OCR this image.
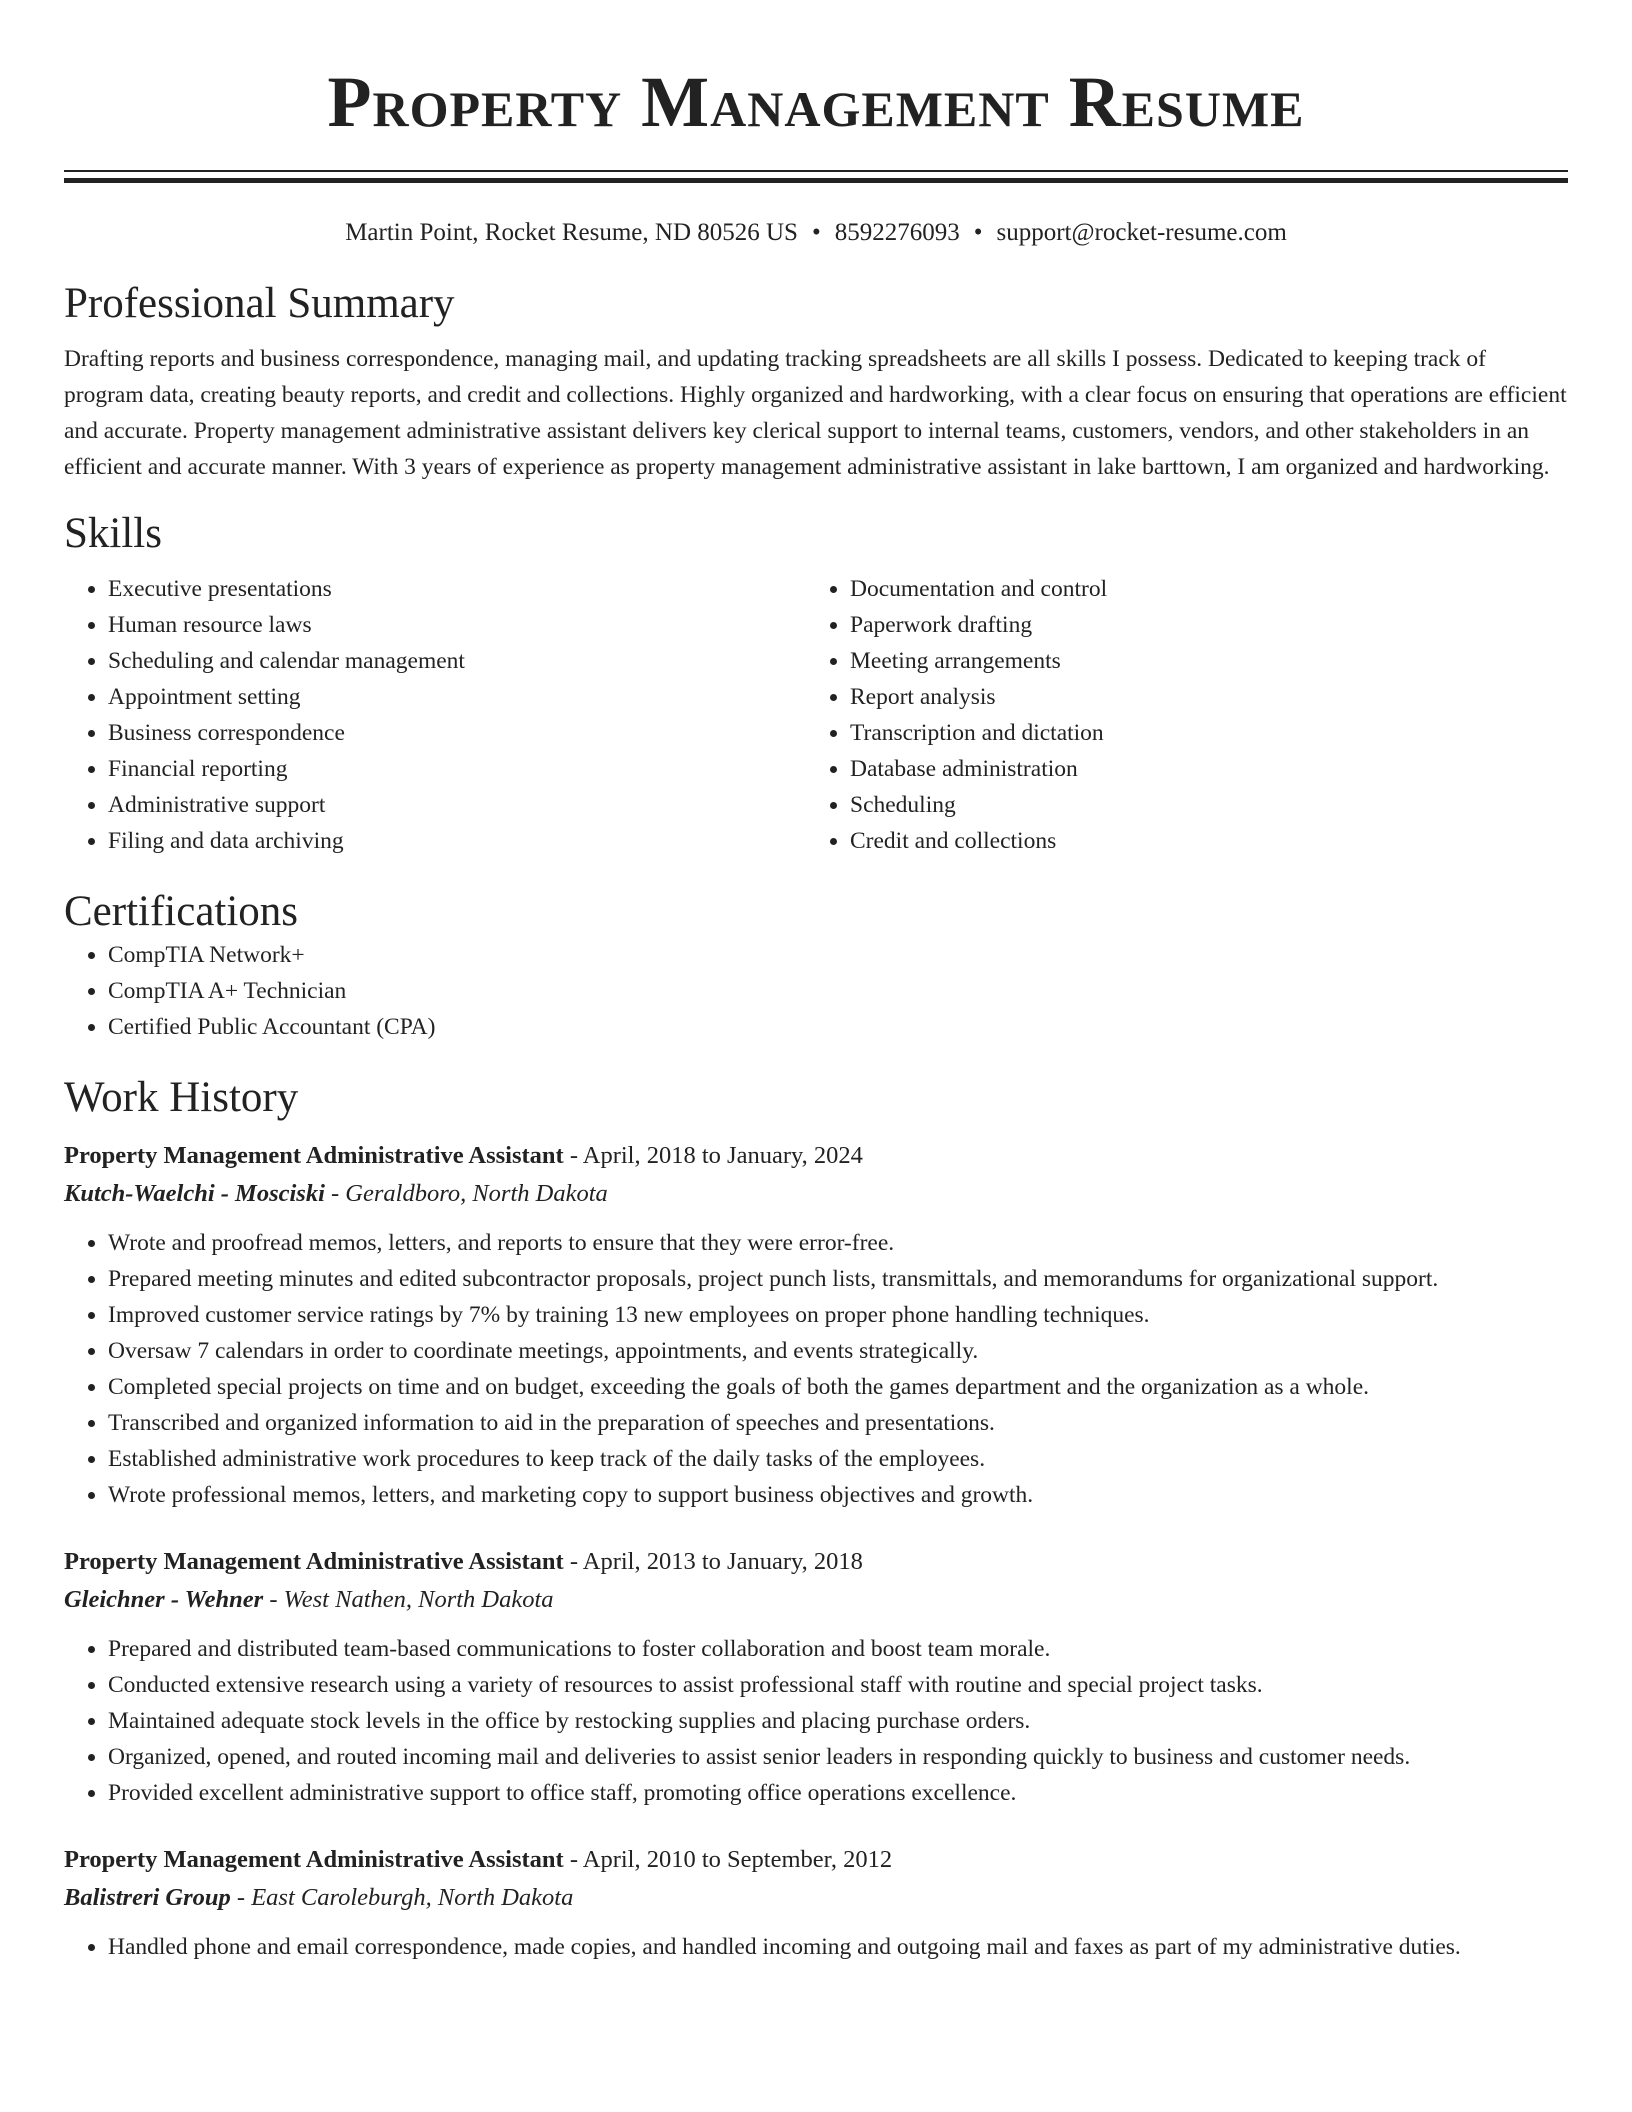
Property Management Resume
Martin Point, Rocket Resume, ND 80526 US • 8592276093 • support@rocket-resume.com
Professional Summary

Drafting reports and business correspondence, managing mail, and updating tracking spreadsheets are all skills I possess. Dedicated to keeping track of program data, creating beauty reports, and credit and collections. Highly organized and hardworking, with a clear focus on ensuring that operations are efficient and accurate. Property management administrative assistant delivers key clerical support to internal teams, customers, vendors, and other stakeholders in an efficient and accurate manner. With 3 years of experience as property management administrative assistant in lake barttown, I am organized and hardworking.

Skills
• Executive presentations
• Human resource laws
• Scheduling and calendar management
• Appointment setting
• Business correspondence
• Financial reporting
• Administrative support
• Filing and data archiving
• Documentation and control
• Paperwork drafting
• Meeting arrangements
• Report analysis
• Transcription and dictation
• Database administration
• Scheduling
• Credit and collections
Certifications
• CompTIA Network+
• CompTIA A+ Technician
• Certified Public Accountant (CPA)
Work History
Property Management Administrative Assistant - April, 2018 to January, 2024
Kutch-Waelchi - Mosciski - Geraldboro, North Dakota
• Wrote and proofread memos, letters, and reports to ensure that they were error-free.
• Prepared meeting minutes and edited subcontractor proposals, project punch lists, transmittals, and memorandums for organizational support.
• Improved customer service ratings by 7% by training 13 new employees on proper phone handling techniques.
• Oversaw 7 calendars in order to coordinate meetings, appointments, and events strategically.
• Completed special projects on time and on budget, exceeding the goals of both the games department and the organization as a whole.
• Transcribed and organized information to aid in the preparation of speeches and presentations.
• Established administrative work procedures to keep track of the daily tasks of the employees.
• Wrote professional memos, letters, and marketing copy to support business objectives and growth.
Property Management Administrative Assistant - April, 2013 to January, 2018
Gleichner - Wehner - West Nathen, North Dakota
• Prepared and distributed team-based communications to foster collaboration and boost team morale.
• Conducted extensive research using a variety of resources to assist professional staff with routine and special project tasks.
• Maintained adequate stock levels in the office by restocking supplies and placing purchase orders.
• Organized, opened, and routed incoming mail and deliveries to assist senior leaders in responding quickly to business and customer needs.
• Provided excellent administrative support to office staff, promoting office operations excellence.
Property Management Administrative Assistant - April, 2010 to September, 2012
Balistreri Group - East Caroleburgh, North Dakota
• Handled phone and email correspondence, made copies, and handled incoming and outgoing mail and faxes as part of my administrative duties.
